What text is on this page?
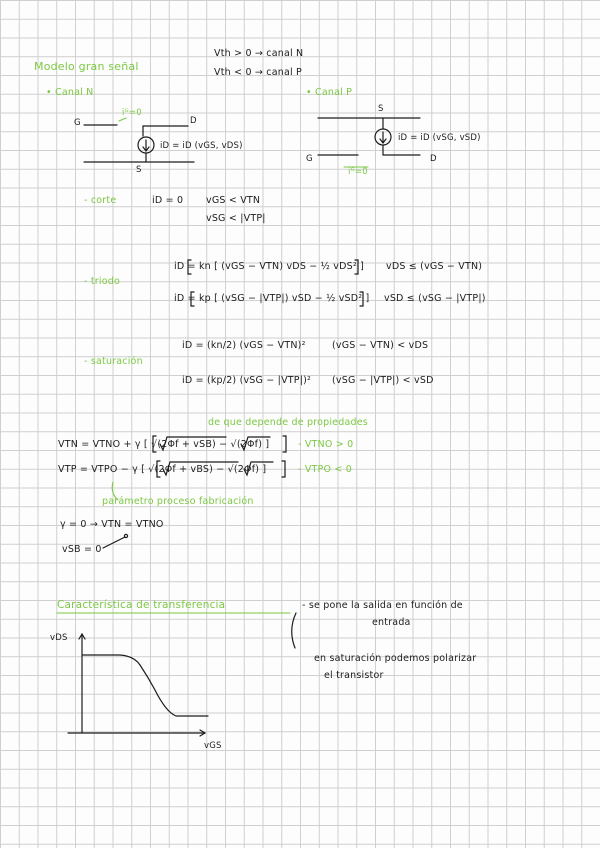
Modelo gran señal
Vth > 0 → canal N
Vth < 0 → canal P
• Canal N
G	D
S
iᴳ=0
iD = iD (vGS, vDS)
• Canal P
S
iD = iD (vSG, vSD)
G	D
iᴳ=0
- corte	iD = 0 vGS < VTN
vSG < |VTP|
- triodo
iD = kn [ (vGS − VTN) vDS − ½ vDS² ] vDS ≤ (vGS − VTN)
iD = kp [ (vSG − |VTP|) vSD − ½ vSD² ] vSD ≤ (vSG − |VTP|)
- saturación
iD = (kn/2) (vGS − VTN)²	(vGS − VTN) < vDS
iD = (kp/2) (vSG − |VTP|)² (vSG − |VTP|) < vSD
de que depende de propiedades
VTN = VTNO + γ [ √(2Φf + vSB) − √(2Φf) ]	- VTNO > 0
VTP = VTPO − γ [ √(2Φf + vBS) − √(2Φf) ]	- VTPO < 0
parámetro proceso fabricación
γ = 0 → VTN = VTNO
vSB = 0
Característica de transferencia	- se pone la salida en función de
entrada
en saturación podemos polarizar
el transistor
vDS
vGS
